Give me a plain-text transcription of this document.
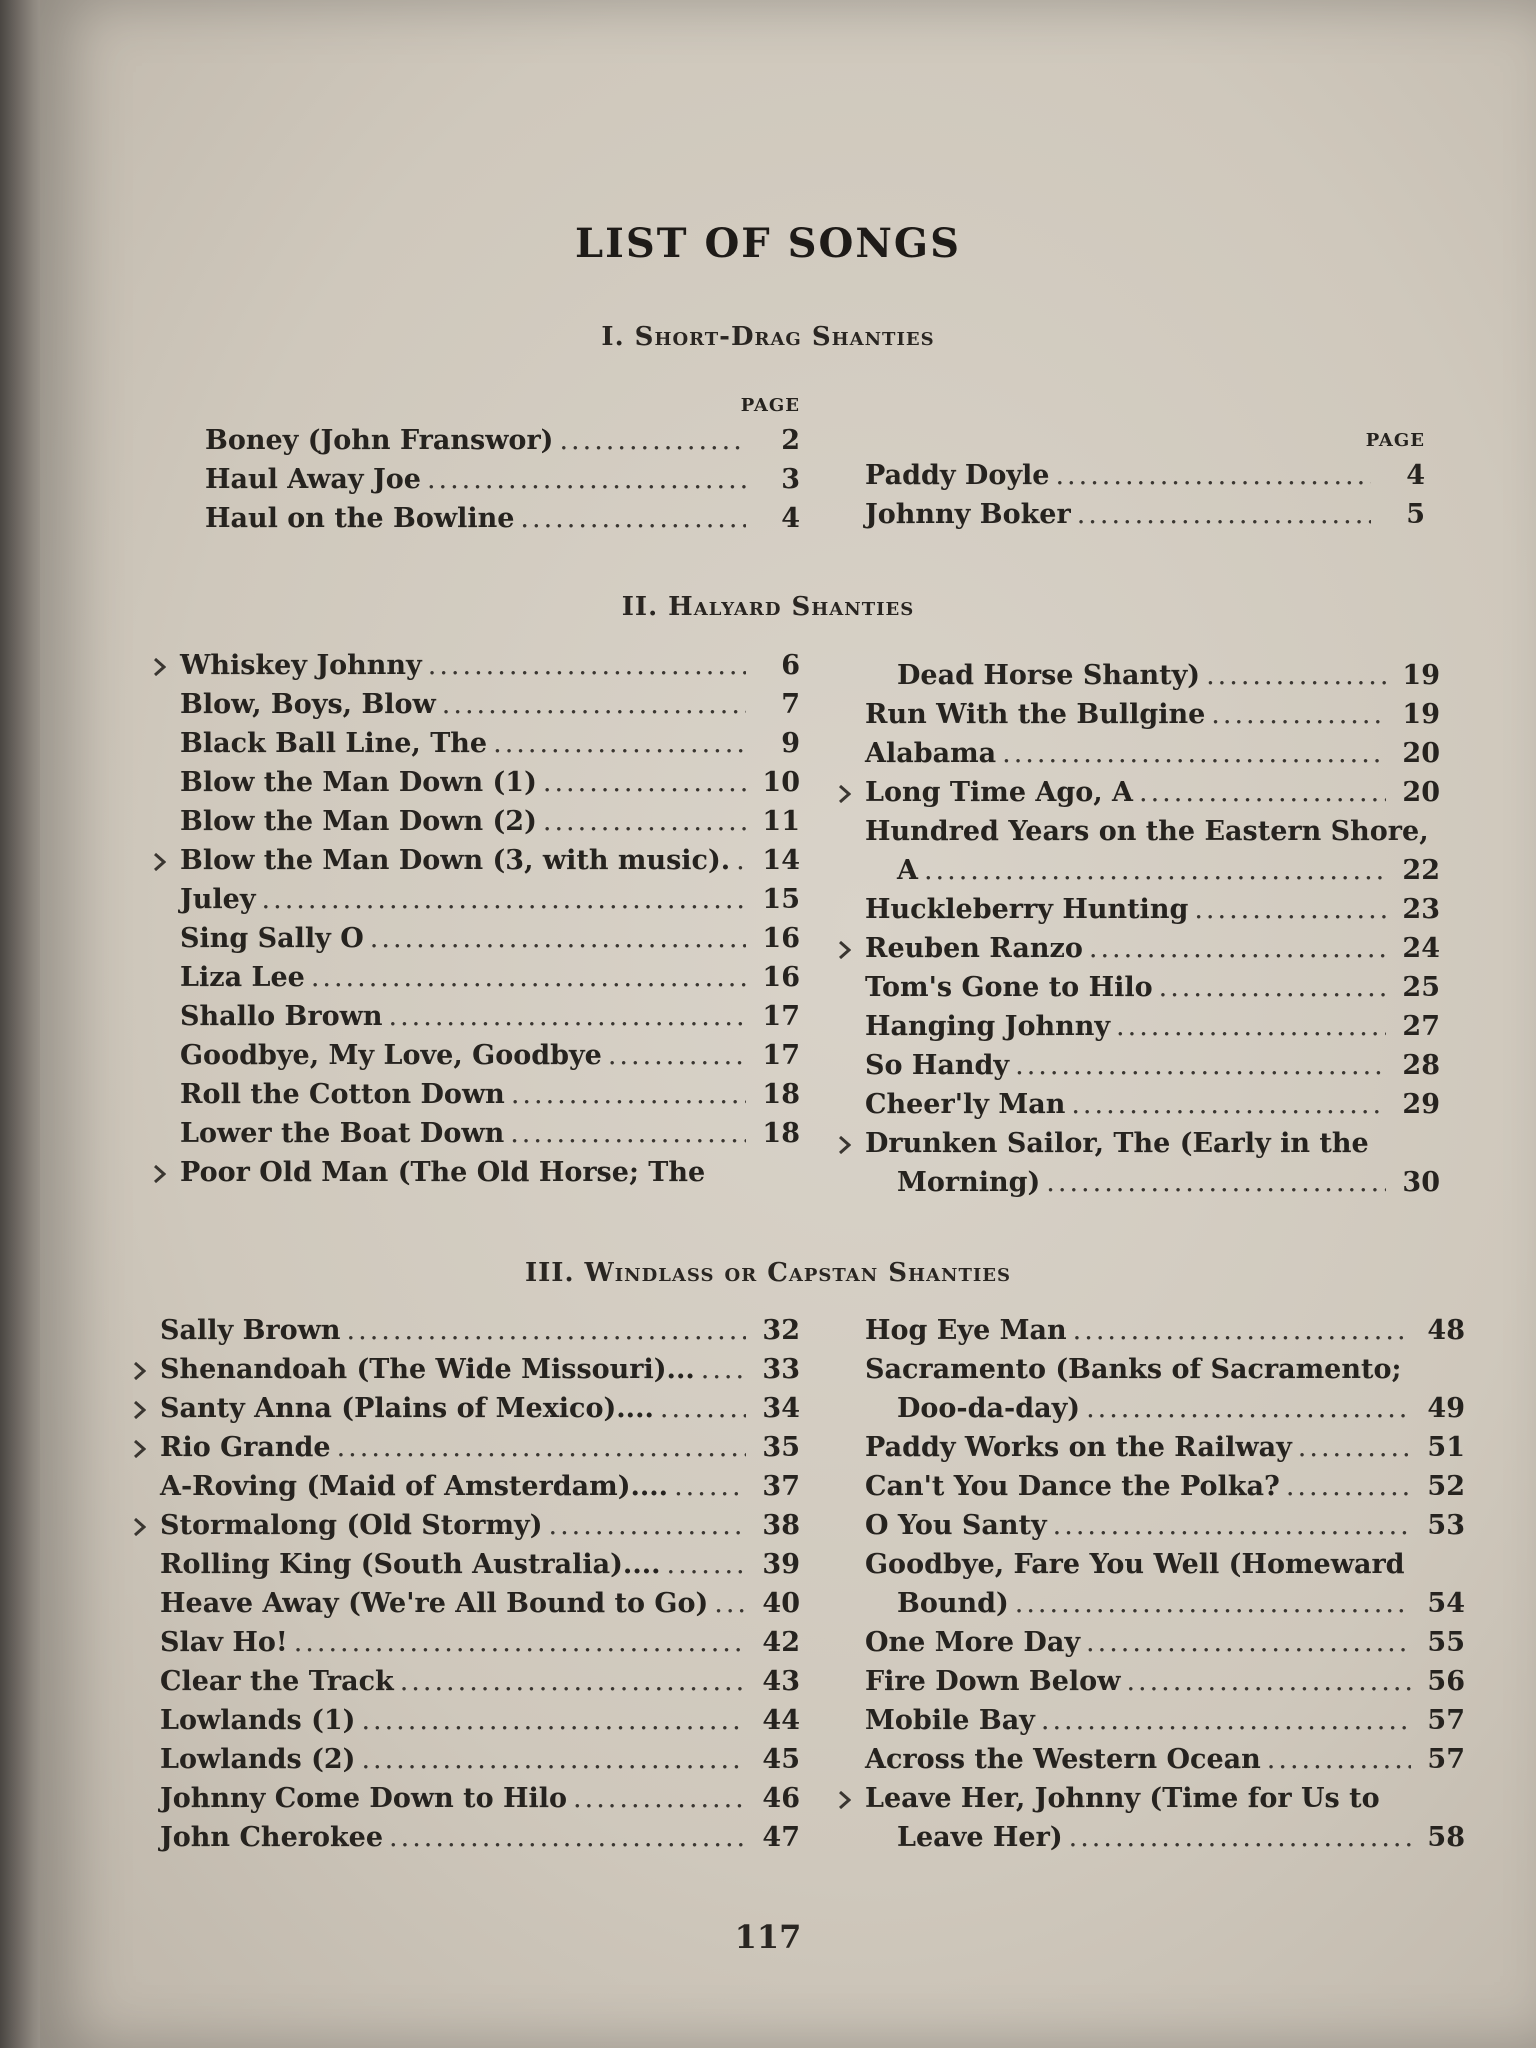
LIST OF SONGS
I. Short-Drag Shanties
PAGE
Boney (John Franswor) .....	2
Haul Away Joe .....	3
Haul on the Bowline .....	4
PAGE
Paddy Doyle .....	4
Johnny Boker .....	5
II. Halyard Shanties
Whiskey Johnny .....	6
Blow, Boys, Blow .....	7
Black Ball Line, The .....	9
Blow the Man Down (1) .....	10
Blow the Man Down (2) .....	11
Blow the Man Down (3, with music). .....	14
Juley .....	15
Sing Sally O .....	16
Liza Lee .....	16
Shallo Brown .....	17
Goodbye, My Love, Goodbye .....	17
Roll the Cotton Down .....	18
Lower the Boat Down .....	18
Poor Old Man (The Old Horse; The
Dead Horse Shanty) .....	19
Run With the Bullgine .....	19
Alabama .....	20
Long Time Ago, A .....	20
Hundred Years on the Eastern Shore,
A .....	22
Huckleberry Hunting .....	23
Reuben Ranzo .....	24
Tom's Gone to Hilo .....	25
Hanging Johnny .....	27
So Handy .....	28
Cheer'ly Man .....	29
Drunken Sailor, The (Early in the
Morning) .....	30
III. Windlass or Capstan Shanties
Sally Brown .....	32
Shenandoah (The Wide Missouri)... .....	33
Santy Anna (Plains of Mexico).... .....	34
Rio Grande .....	35
A-Roving (Maid of Amsterdam).... .....	37
Stormalong (Old Stormy) .....	38
Rolling King (South Australia).... .....	39
Heave Away (We're All Bound to Go) .....	40
Slav Ho! .....	42
Clear the Track .....	43
Lowlands (1) .....	44
Lowlands (2) .....	45
Johnny Come Down to Hilo .....	46
John Cherokee .....	47
Hog Eye Man .....	48
Sacramento (Banks of Sacramento;
Doo-da-day) .....	49
Paddy Works on the Railway .....	51
Can't You Dance the Polka? .....	52
O You Santy .....	53
Goodbye, Fare You Well (Homeward
Bound) .....	54
One More Day .....	55
Fire Down Below .....	56
Mobile Bay .....	57
Across the Western Ocean .....	57
Leave Her, Johnny (Time for Us to
Leave Her) .....	58
117
